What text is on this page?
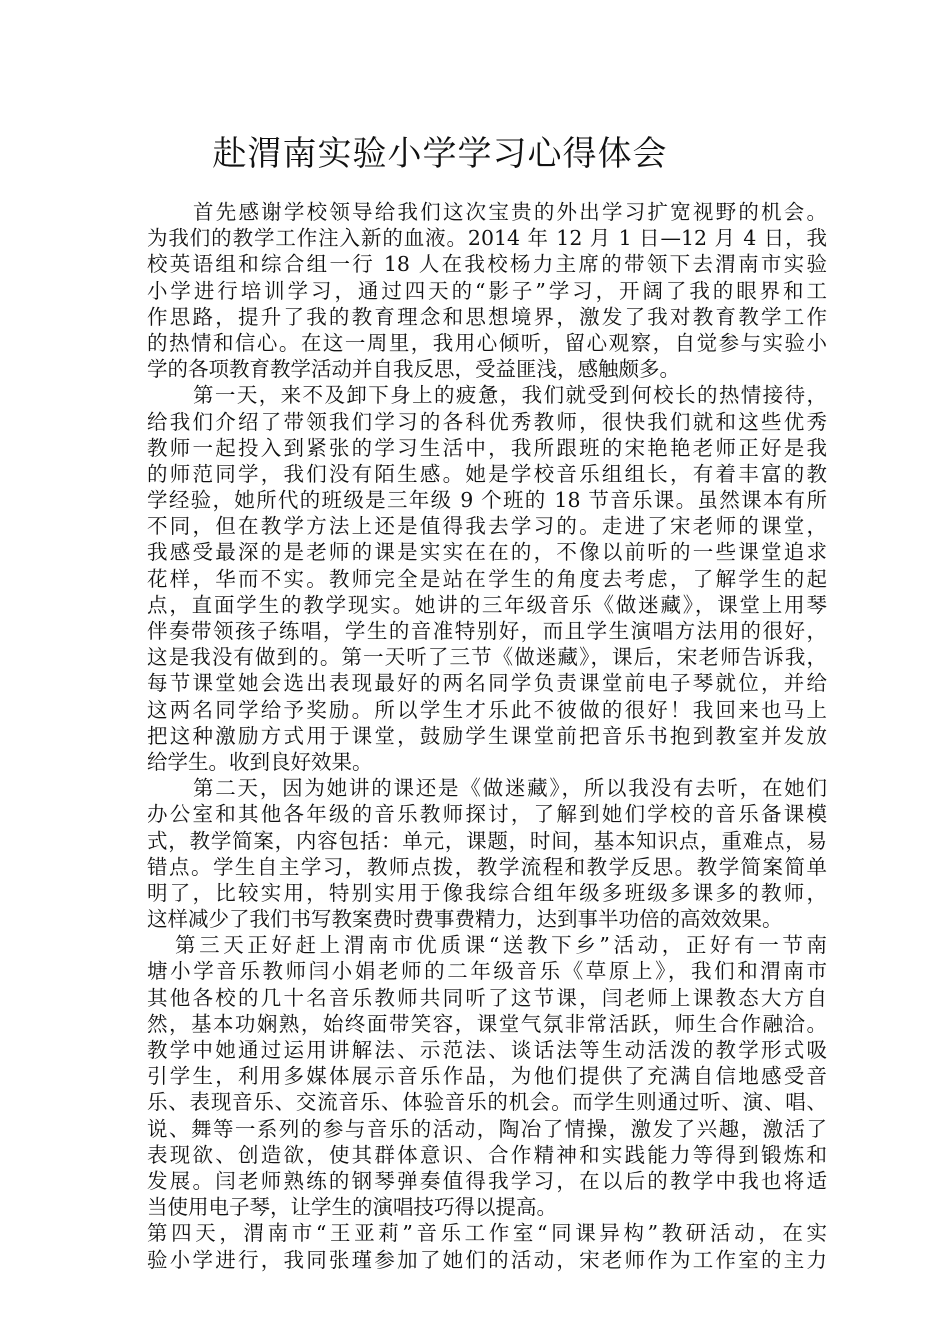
赴渭南实验小学学习心得体会
首先感谢学校领导给我们这次宝贵的外出学习扩宽视野的机会。
为我们的教学工作注入新的血液。2014 年 12 月 1 日—12 月 4 日，我
校英语组和综合组一行 18 人在我校杨力主席的带领下去渭南市实验
小学进行培训学习，通过四天的“影子”学习，开阔了我的眼界和工
作思路，提升了我的教育理念和思想境界，激发了我对教育教学工作
的热情和信心。在这一周里，我用心倾听，留心观察，自觉参与实验小
学的各项教育教学活动并自我反思，受益匪浅，感触颇多。
第一天，来不及卸下身上的疲惫，我们就受到何校长的热情接待，
给我们介绍了带领我们学习的各科优秀教师，很快我们就和这些优秀
教师一起投入到紧张的学习生活中，我所跟班的宋艳艳老师正好是我
的师范同学，我们没有陌生感。她是学校音乐组组长，有着丰富的教
学经验，她所代的班级是三年级 9 个班的 18 节音乐课。虽然课本有所
不同，但在教学方法上还是值得我去学习的。走进了宋老师的课堂，
我感受最深的是老师的课是实实在在的，不像以前听的一些课堂追求
花样，华而不实。教师完全是站在学生的角度去考虑，了解学生的起
点，直面学生的教学现实。她讲的三年级音乐《做迷藏》，课堂上用琴
伴奏带领孩子练唱，学生的音准特别好，而且学生演唱方法用的很好，
这是我没有做到的。第一天听了三节《做迷藏》，课后，宋老师告诉我，
每节课堂她会选出表现最好的两名同学负责课堂前电子琴就位，并给
这两名同学给予奖励。所以学生才乐此不彼做的很好！我回来也马上
把这种激励方式用于课堂，鼓励学生课堂前把音乐书抱到教室并发放
给学生。收到良好效果。
第二天，因为她讲的课还是《做迷藏》，所以我没有去听，在她们
办公室和其他各年级的音乐教师探讨，了解到她们学校的音乐备课模
式，教学简案，内容包括：单元，课题，时间，基本知识点，重难点，易
错点。学生自主学习，教师点拨，教学流程和教学反思。教学简案简单
明了，比较实用，特别实用于像我综合组年级多班级多课多的教师，
这样减少了我们书写教案费时费事费精力，达到事半功倍的高效效果。
第三天正好赶上渭南市优质课“送教下乡”活动，正好有一节南
塘小学音乐教师闫小娟老师的二年级音乐《草原上》，我们和渭南市
其他各校的几十名音乐教师共同听了这节课，闫老师上课教态大方自
然，基本功娴熟，始终面带笑容，课堂气氛非常活跃，师生合作融洽。
教学中她通过运用讲解法、示范法、谈话法等生动活泼的教学形式吸
引学生，利用多媒体展示音乐作品，为他们提供了充满自信地感受音
乐、表现音乐、交流音乐、体验音乐的机会。而学生则通过听、演、唱、
说、舞等一系列的参与音乐的活动，陶冶了情操，激发了兴趣，激活了
表现欲、创造欲，使其群体意识、合作精神和实践能力等得到锻炼和
发展。闫老师熟练的钢琴弹奏值得我学习，在以后的教学中我也将适
当使用电子琴，让学生的演唱技巧得以提高。
第四天，渭南市“王亚莉”音乐工作室“同课异构”教研活动，在实
验小学进行，我同张瑾参加了她们的活动，宋老师作为工作室的主力
